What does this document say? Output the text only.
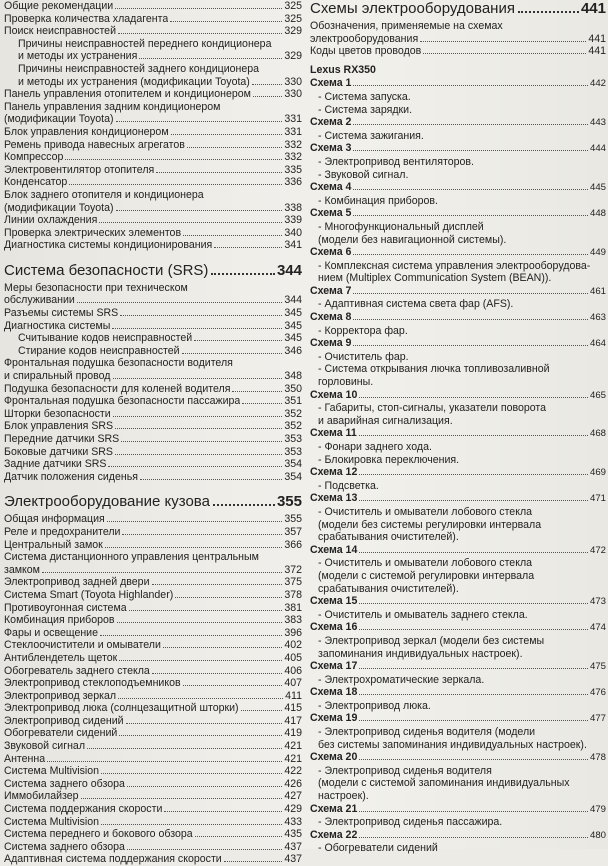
Общие рекомендации	325
Проверка количества хладагента	325
Поиск неисправностей	329
Причины неисправностей переднего кондиционера
и методы их устранения	329
Причины неисправностей заднего кондиционера
и методы их устранения (модификации Toyota)	330
Панель управления отопителем и кондиционером	330
Панель управления задним кондиционером
(модификации Toyota)	331
Блок управления кондиционером	331
Ремень привода навесных агрегатов	332
Компрессор	332
Электровентилятор отопителя	335
Конденсатор	336
Блок заднего отопителя и кондиционера
(модификации Toyota)	338
Линии охлаждения	339
Проверка электрических элементов	340
Диагностика системы кондиционирования	341
Система безопасности (SRS)	344
Меры безопасности при техническом
обслуживании	344
Разъемы системы SRS	345
Диагностика системы	345
Считывание кодов неисправностей	345
Стирание кодов неисправностей	346
Фронтальная подушка безопасности водителя
и спиральный провод	348
Подушка безопасности для коленей водителя	350
Фронтальная подушка безопасности пассажира	351
Шторки безопасности	352
Блок управления SRS	352
Передние датчики SRS	353
Боковые датчики SRS	353
Задние датчики SRS	354
Датчик положения сиденья	354
Электрооборудование кузова	355
Общая информация	355
Реле и предохранители	357
Центральный замок	366
Система дистанционного управления центральным
замком	372
Электропривод задней двери	375
Система Smart (Toyota Highlander)	378
Противоугонная система	381
Комбинация приборов	383
Фары и освещение	396
Стеклоочистители и омыватели	402
Антиблендетель щеток	405
Обогреватель заднего стекла	406
Электропривод стеклоподъемников	407
Электропривод зеркал	411
Электропривод люка (солнцезащитной шторки)	415
Электропривод сидений	417
Обогреватели сидений	419
Звуковой сигнал	421
Антенна	421
Система Multivision	422
Система заднего обзора	426
Иммобилайзер	427
Система поддержания скорости	429
Система Multivision	433
Система переднего и бокового обзора	435
Система заднего обзора	437
Адаптивная система поддержания скорости	437
Схемы электрооборудования	441
Обозначения, применяемые на схемах
электрооборудования	441
Коды цветов проводов	441
Lexus RX350
Схема 1	442
- Система запуска.
- Система зарядки.
Схема 2	443
- Система зажигания.
Схема 3	444
- Электропривод вентиляторов.
- Звуковой сигнал.
Схема 4	445
- Комбинация приборов.
Схема 5	448
- Многофункциональный дисплей
(модели без навигационной системы).
Схема 6	449
- Комплексная система управления электрооборудова-
нием (Multiplex Communication System (BEAN)).
Схема 7	461
- Адаптивная система света фар (AFS).
Схема 8	463
- Корректора фар.
Схема 9	464
- Очиститель фар.
- Система открывания лючка топливозаливной
горловины.
Схема 10	465
- Габариты, стоп-сигналы, указатели поворота
и аварийная сигнализация.
Схема 11	468
- Фонари заднего хода.
- Блокировка переключения.
Схема 12	469
- Подсветка.
Схема 13	471
- Очиститель и омыватели лобового стекла
(модели без системы регулировки интервала
срабатывания очистителей).
Схема 14	472
- Очиститель и омыватели лобового стекла
(модели с системой регулировки интервала
срабатывания очистителей).
Схема 15	473
- Очиститель и омыватель заднего стекла.
Схема 16	474
- Электропривод зеркал (модели без системы
запоминания индивидуальных настроек).
Схема 17	475
- Электрохроматические зеркала.
Схема 18	476
- Электропривод люка.
Схема 19	477
- Электропривод сиденья водителя (модели
без системы запоминания индивидуальных настроек).
Схема 20	478
- Электропривод сиденья водителя
(модели с системой запоминания индивидуальных
настроек).
Схема 21	479
- Электропривод сиденья пассажира.
Схема 22	480
- Обогреватели сидений
